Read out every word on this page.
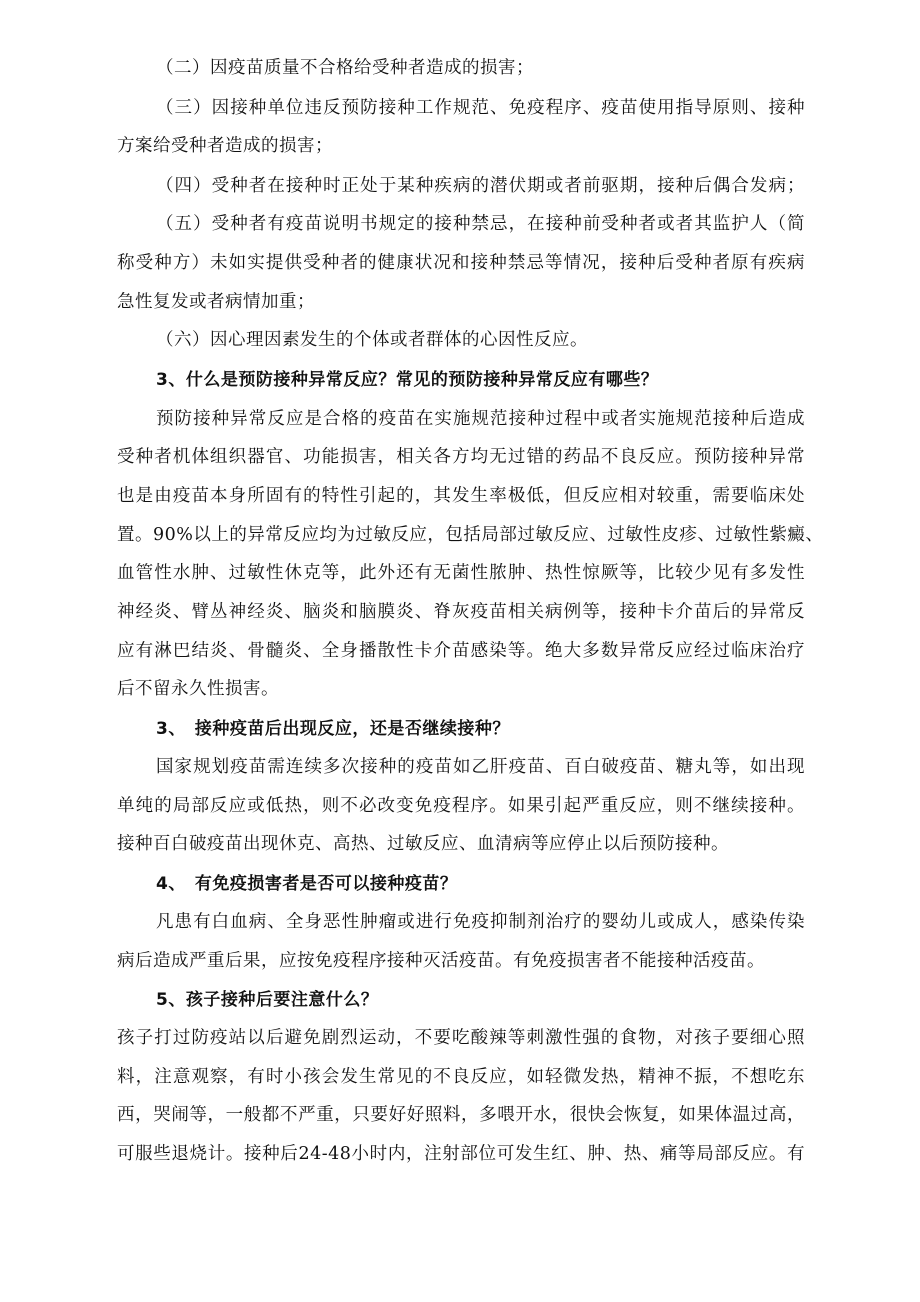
（二）因疫苗质量不合格给受种者造成的损害；
（三）因接种单位违反预防接种工作规范、免疫程序、疫苗使用指导原则、接种
方案给受种者造成的损害；
（四）受种者在接种时正处于某种疾病的潜伏期或者前驱期，接种后偶合发病；
（五）受种者有疫苗说明书规定的接种禁忌，在接种前受种者或者其监护人（简
称受种方）未如实提供受种者的健康状况和接种禁忌等情况，接种后受种者原有疾病
急性复发或者病情加重；
（六）因心理因素发生的个体或者群体的心因性反应。
3、什么是预防接种异常反应？常见的预防接种异常反应有哪些？
预防接种异常反应是合格的疫苗在实施规范接种过程中或者实施规范接种后造成
受种者机体组织器官、功能损害，相关各方均无过错的药品不良反应。预防接种异常
也是由疫苗本身所固有的特性引起的，其发生率极低，但反应相对较重，需要临床处
置。90%以上的异常反应均为过敏反应，包括局部过敏反应、过敏性皮疹、过敏性紫癜、
血管性水肿、过敏性休克等，此外还有无菌性脓肿、热性惊厥等，比较少见有多发性
神经炎、臂丛神经炎、脑炎和脑膜炎、脊灰疫苗相关病例等，接种卡介苗后的异常反
应有淋巴结炎、骨髓炎、全身播散性卡介苗感染等。绝大多数异常反应经过临床治疗
后不留永久性损害。
3、　接种疫苗后出现反应，还是否继续接种？
国家规划疫苗需连续多次接种的疫苗如乙肝疫苗、百白破疫苗、糖丸等，如出现
单纯的局部反应或低热，则不必改变免疫程序。如果引起严重反应，则不继续接种。
接种百白破疫苗出现休克、高热、过敏反应、血清病等应停止以后预防接种。
4、　有免疫损害者是否可以接种疫苗？
凡患有白血病、全身恶性肿瘤或进行免疫抑制剂治疗的婴幼儿或成人，感染传染
病后造成严重后果，应按免疫程序接种灭活疫苗。有免疫损害者不能接种活疫苗。
5、孩子接种后要注意什么？
孩子打过防疫站以后避免剧烈运动，不要吃酸辣等刺激性强的食物，对孩子要细心照
料，注意观察，有时小孩会发生常见的不良反应，如轻微发热，精神不振，不想吃东
西，哭闹等，一般都不严重，只要好好照料，多喂开水，很快会恢复，如果体温过高，
可服些退烧计。接种后24-48小时内，注射部位可发生红、肿、热、痛等局部反应。有
